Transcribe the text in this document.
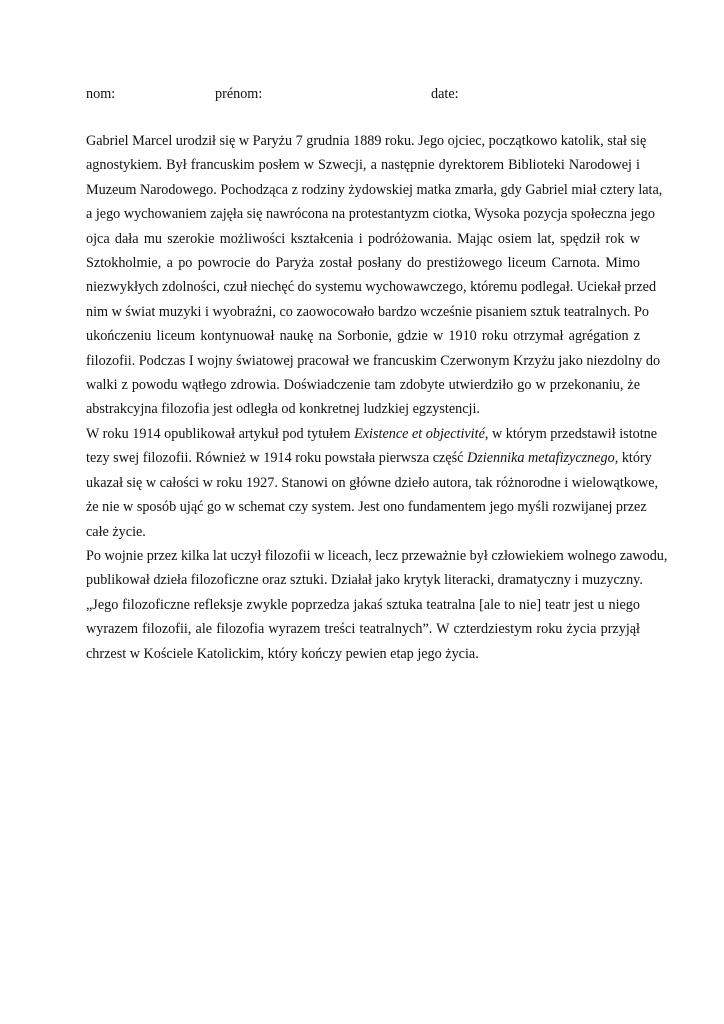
nom:	prénom:	date:

Gabriel Marcel urodził się w Paryżu 7 grudnia 1889 roku. Jego ojciec, początkowo katolik, stał się
agnostykiem. Był francuskim posłem w Szwecji, a następnie dyrektorem Biblioteki Narodowej i
Muzeum Narodowego. Pochodząca z rodziny żydowskiej matka zmarła, gdy Gabriel miał cztery lata,
a jego wychowaniem zajęła się nawrócona na protestantyzm ciotka, Wysoka pozycja społeczna jego
ojca dała mu szerokie możliwości kształcenia i podróżowania. Mając osiem lat, spędził rok w
Sztokholmie, a po powrocie do Paryża został posłany do prestiżowego liceum Carnota. Mimo
niezwykłych zdolności, czuł niechęć do systemu wychowawczego, któremu podlegał. Uciekał przed
nim w świat muzyki i wyobraźni, co zaowocowało bardzo wcześnie pisaniem sztuk teatralnych. Po
ukończeniu liceum kontynuował naukę na Sorbonie, gdzie w 1910 roku otrzymał agrégation z
filozofii. Podczas I wojny światowej pracował we francuskim Czerwonym Krzyżu jako niezdolny do
walki z powodu wątłego zdrowia. Doświadczenie tam zdobyte utwierdziło go w przekonaniu, że
abstrakcyjna filozofia jest odległa od konkretnej ludzkiej egzystencji.

W roku 1914 opublikował artykuł pod tytułem Existence et objectivité, w którym przedstawił istotne
tezy swej filozofii. Również w 1914 roku powstała pierwsza część Dziennika metafizycznego, który
ukazał się w całości w roku 1927. Stanowi on główne dzieło autora, tak różnorodne i wielowątkowe,
że nie w sposób ująć go w schemat czy system. Jest ono fundamentem jego myśli rozwijanej przez
całe życie.

Po wojnie przez kilka lat uczył filozofii w liceach, lecz przeważnie był człowiekiem wolnego zawodu,
publikował dzieła filozoficzne oraz sztuki. Działał jako krytyk literacki, dramatyczny i muzyczny.
„Jego filozoficzne refleksje zwykle poprzedza jakaś sztuka teatralna [ale to nie] teatr jest u niego
wyrazem filozofii, ale filozofia wyrazem treści teatralnych”. W czterdziestym roku życia przyjął
chrzest w Kościele Katolickim, który kończy pewien etap jego życia.
